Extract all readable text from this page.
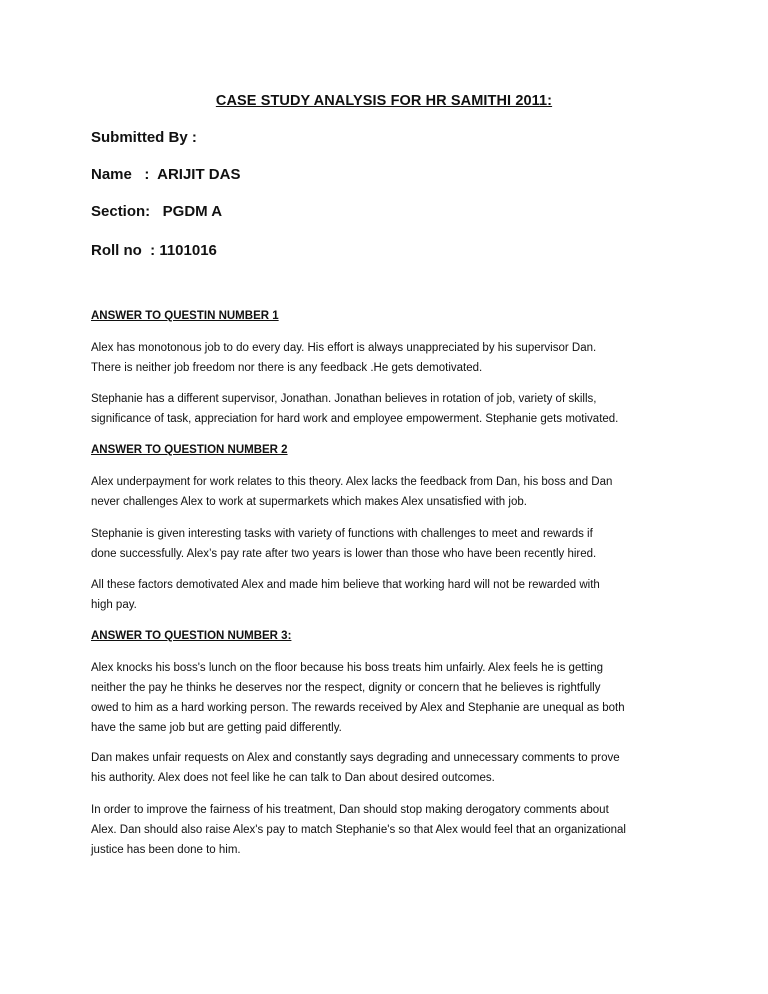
CASE STUDY ANALYSIS FOR HR SAMITHI 2011:
Submitted By :
Name   :  ARIJIT DAS
Section:   PGDM A
Roll no  : 1101016
ANSWER TO QUESTIN NUMBER 1
Alex has monotonous job to do every day. His effort is always unappreciated by his supervisor Dan.
There is neither job freedom nor there is any feedback .He gets demotivated.
Stephanie has a different supervisor, Jonathan. Jonathan believes in rotation of job, variety of skills,
significance of task, appreciation for hard work and employee empowerment. Stephanie gets motivated.
ANSWER TO QUESTION NUMBER 2
Alex underpayment for work relates to this theory. Alex lacks the feedback from Dan, his boss and Dan
never challenges Alex to work at supermarkets which makes Alex unsatisfied with job.
Stephanie is given interesting tasks with variety of functions with challenges to meet and rewards if
done successfully. Alex’s pay rate after two years is lower than those who have been recently hired.
All these factors demotivated Alex and made him believe that working hard will not be rewarded with
high pay.
ANSWER TO QUESTION NUMBER 3:
Alex knocks his boss's lunch on the floor because his boss treats him unfairly. Alex feels he is getting
neither the pay he thinks he deserves nor the respect, dignity or concern that he believes is rightfully
owed to him as a hard working person. The rewards received by Alex and Stephanie are unequal as both
have the same job but are getting paid differently.
Dan makes unfair requests on Alex and constantly says degrading and unnecessary comments to prove
his authority. Alex does not feel like he can talk to Dan about desired outcomes.
In order to improve the fairness of his treatment, Dan should stop making derogatory comments about
Alex. Dan should also raise Alex's pay to match Stephanie's so that Alex would feel that an organizational
justice has been done to him.
